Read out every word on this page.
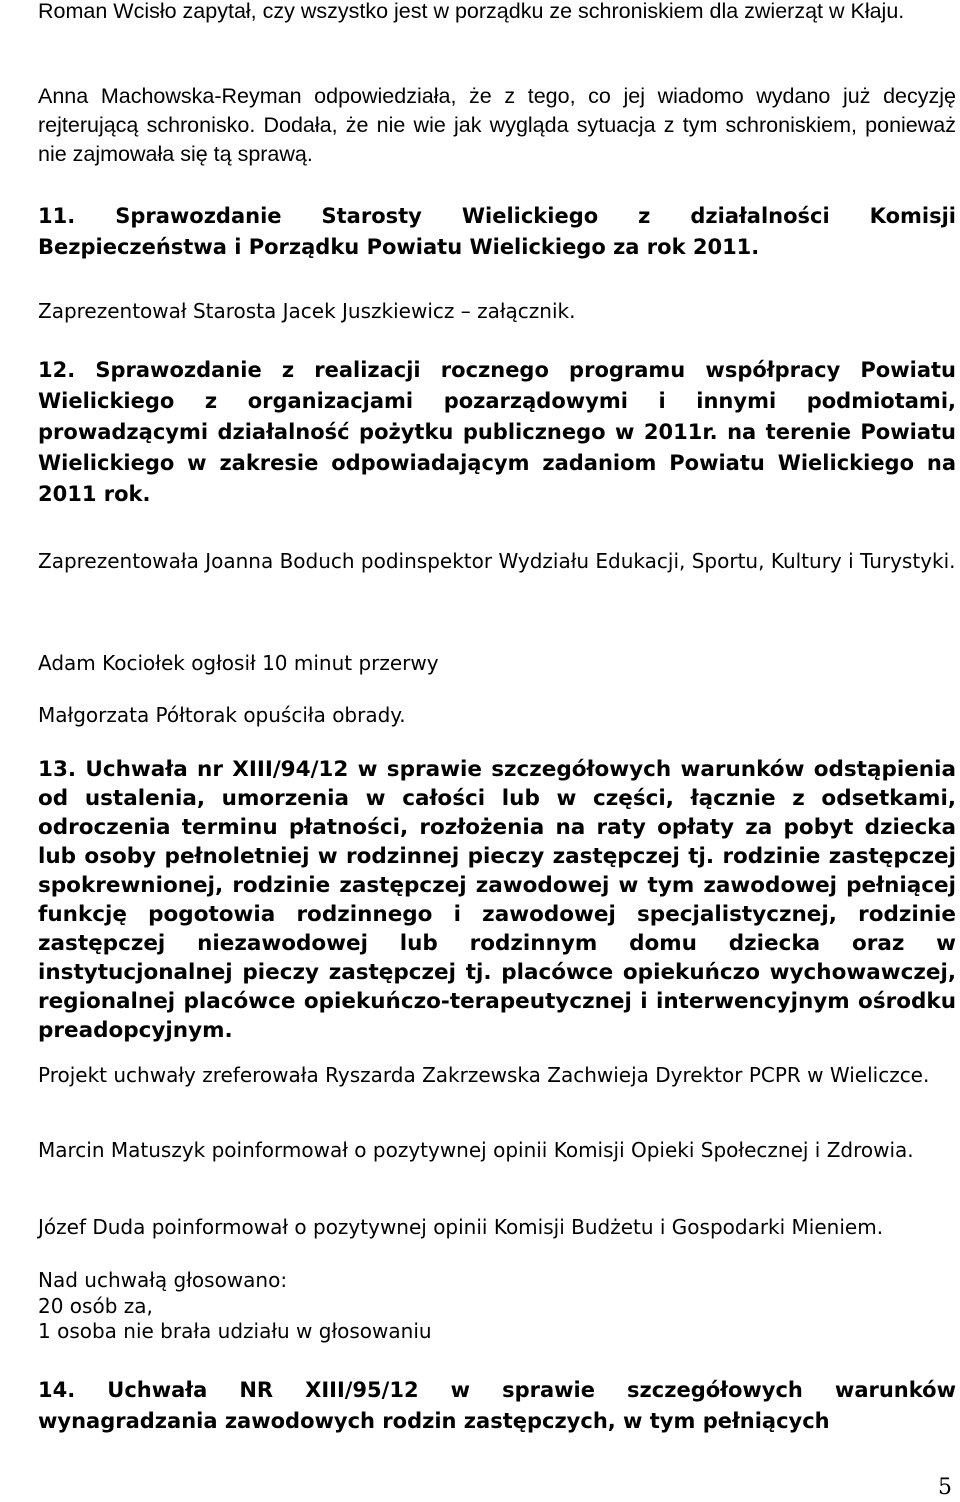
Roman Wcisło zapytał, czy wszystko jest w porządku ze schroniskiem dla zwierząt w Kłaju.

Anna Machowska-Reyman odpowiedziała, że z tego, co jej wiadomo wydano już decyzję rejterującą schronisko. Dodała, że nie wie jak wygląda sytuacja z tym schroniskiem, ponieważ nie zajmowała się tą sprawą.

11. Sprawozdanie Starosty Wielickiego z działalności Komisji Bezpieczeństwa i Porządku Powiatu Wielickiego za rok 2011.

Zaprezentował Starosta Jacek Juszkiewicz – załącznik.

12. Sprawozdanie z realizacji rocznego programu współpracy Powiatu Wielickiego z organizacjami pozarządowymi i innymi podmiotami, prowadzącymi działalność pożytku publicznego w 2011r. na terenie Powiatu Wielickiego w zakresie odpowiadającym zadaniom Powiatu Wielickiego na 2011 rok.

Zaprezentowała Joanna Boduch podinspektor Wydziału Edukacji, Sportu, Kultury i Turystyki.

Adam Kociołek ogłosił 10 minut przerwy

Małgorzata Półtorak opuściła obrady.

13. Uchwała nr XIII/94/12 w sprawie szczegółowych warunków odstąpienia od ustalenia, umorzenia w całości lub w części, łącznie z odsetkami, odroczenia terminu płatności, rozłożenia na raty opłaty za pobyt dziecka lub osoby pełnoletniej w rodzinnej pieczy zastępczej tj. rodzinie zastępczej spokrewnionej, rodzinie zastępczej zawodowej w tym zawodowej pełniącej funkcję pogotowia rodzinnego i zawodowej specjalistycznej, rodzinie zastępczej niezawodowej lub rodzinnym domu dziecka oraz w instytucjonalnej pieczy zastępczej tj. placówce opiekuńczo wychowawczej, regionalnej placówce opiekuńczo-terapeutycznej i interwencyjnym ośrodku preadopcyjnym.

Projekt uchwały zreferowała Ryszarda Zakrzewska Zachwieja Dyrektor PCPR w Wieliczce.

Marcin Matuszyk poinformował o pozytywnej opinii Komisji Opieki Społecznej i Zdrowia.

Józef Duda poinformował o pozytywnej opinii Komisji Budżetu i Gospodarki Mieniem.

Nad uchwałą głosowano:
20 osób za,
1 osoba nie brała udziału w głosowaniu

14. Uchwała NR XIII/95/12 w sprawie szczegółowych warunków wynagradzania zawodowych rodzin zastępczych, w tym pełniących

5
